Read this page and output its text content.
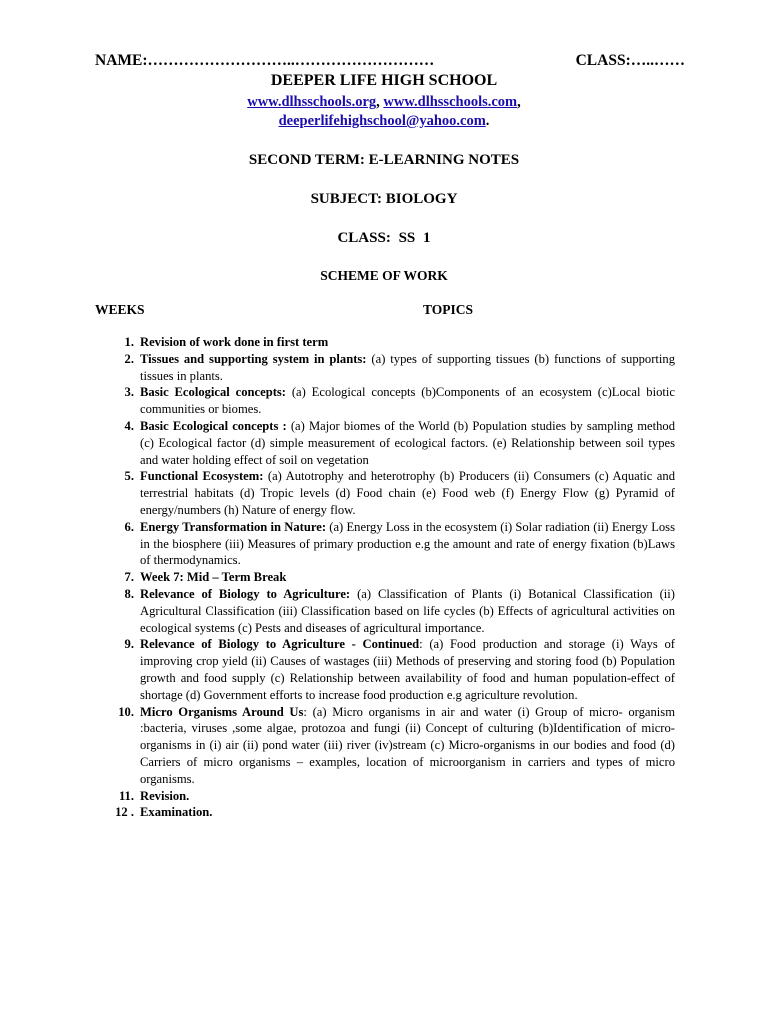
NAME:………………………..………………………	CLASS:…..……
DEEPER LIFE HIGH SCHOOL
www.dlhsschools.org, www.dlhsschools.com,
deeperlifehighschool@yahoo.com.
SECOND TERM: E-LEARNING NOTES
SUBJECT: BIOLOGY
CLASS: SS 1
SCHEME OF WORK
WEEKS	TOPICS
1. Revision of work done in first term
2. Tissues and supporting system in plants: (a) types of supporting tissues (b) functions of supporting tissues in plants.
3. Basic Ecological concepts: (a) Ecological concepts (b)Components of an ecosystem (c)Local biotic communities or biomes.
4. Basic Ecological concepts : (a) Major biomes of the World (b) Population studies by sampling method (c) Ecological factor (d) simple measurement of ecological factors. (e) Relationship between soil types and water holding effect of soil on vegetation
5. Functional Ecosystem: (a) Autotrophy and heterotrophy (b) Producers (ii) Consumers (c) Aquatic and terrestrial habitats (d) Tropic levels (d) Food chain (e) Food web (f) Energy Flow (g) Pyramid of energy/numbers (h) Nature of energy flow.
6. Energy Transformation in Nature: (a) Energy Loss in the ecosystem (i) Solar radiation (ii) Energy Loss in the biosphere (iii) Measures of primary production e.g the amount and rate of energy fixation (b)Laws of thermodynamics.
7. Week 7: Mid – Term Break
8. Relevance of Biology to Agriculture: (a) Classification of Plants (i) Botanical Classification (ii) Agricultural Classification (iii) Classification based on life cycles (b) Effects of agricultural activities on ecological systems (c) Pests and diseases of agricultural importance.
9. Relevance of Biology to Agriculture - Continued: (a) Food production and storage (i) Ways of improving crop yield (ii) Causes of wastages (iii) Methods of preserving and storing food (b) Population growth and food supply (c) Relationship between availability of food and human population-effect of shortage (d) Government efforts to increase food production e.g agriculture revolution.
10. Micro Organisms Around Us: (a) Micro organisms in air and water (i) Group of micro- organism :bacteria, viruses ,some algae, protozoa and fungi (ii) Concept of culturing (b)Identification of micro- organisms in (i) air (ii) pond water (iii) river (iv)stream (c) Micro-organisms in our bodies and food (d) Carriers of micro organisms – examples, location of microorganism in carriers and types of micro organisms.
11. Revision.
12 . Examination.
